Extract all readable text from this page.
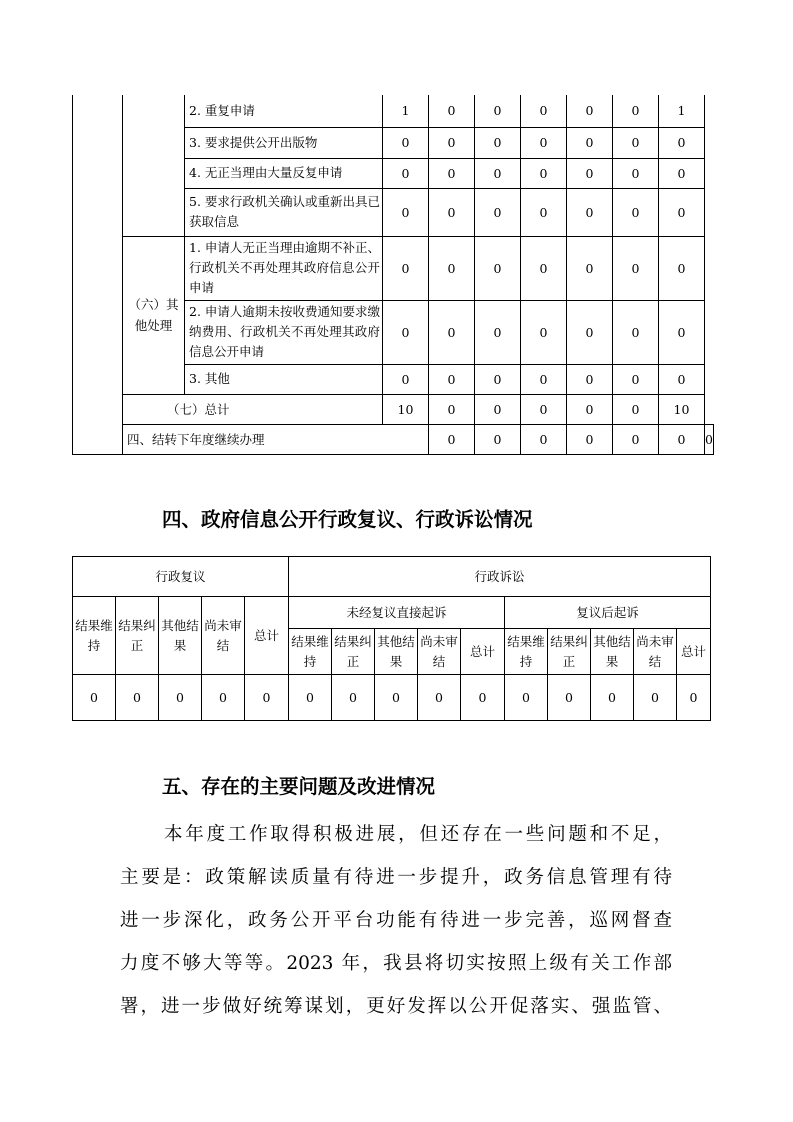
		2. 重复申请	1	0	0	0	0	0	1	
		3. 要求提供公开出版物	0	0	0	0	0	0	0	
		4. 无正当理由大量反复申请	0	0	0	0	0	0	0	
		5. 要求行政机关确认或重新出具已获取信息	0	0	0	0	0	0	0	
	（六）其他处理	1. 申请人无正当理由逾期不补正、行政机关不再处理其政府信息公开申请	0	0	0	0	0	0	0	
		2. 申请人逾期未按收费通知要求缴纳费用、行政机关不再处理其政府信息公开申请	0	0	0	0	0	0	0	
		3. 其他	0	0	0	0	0	0	0	
	（七）总计		10	0	0	0	0	0	10	
	四、结转下年度继续办理			0	0	0	0	0	0	0
四、政府信息公开行政复议、行政诉讼情况
行政复议					行政诉讼									
结果维持	结果纠正	其他结果	尚未审结	总计	未经复议直接起诉					复议后起诉				
					结果维持	结果纠正	其他结果	尚未审结	总计	结果维持	结果纠正	其他结果	尚未审结	总计
0	0	0	0	0	0	0	0	0	0	0	0	0	0	0
五、存在的主要问题及改进情况
本年度工作取得积极进展，但还存在一些问题和不足，
主要是：政策解读质量有待进一步提升，政务信息管理有待
进一步深化，政务公开平台功能有待进一步完善，巡网督查
力度不够大等等。2023 年，我县将切实按照上级有关工作部
署，进一步做好统筹谋划，更好发挥以公开促落实、强监管、
